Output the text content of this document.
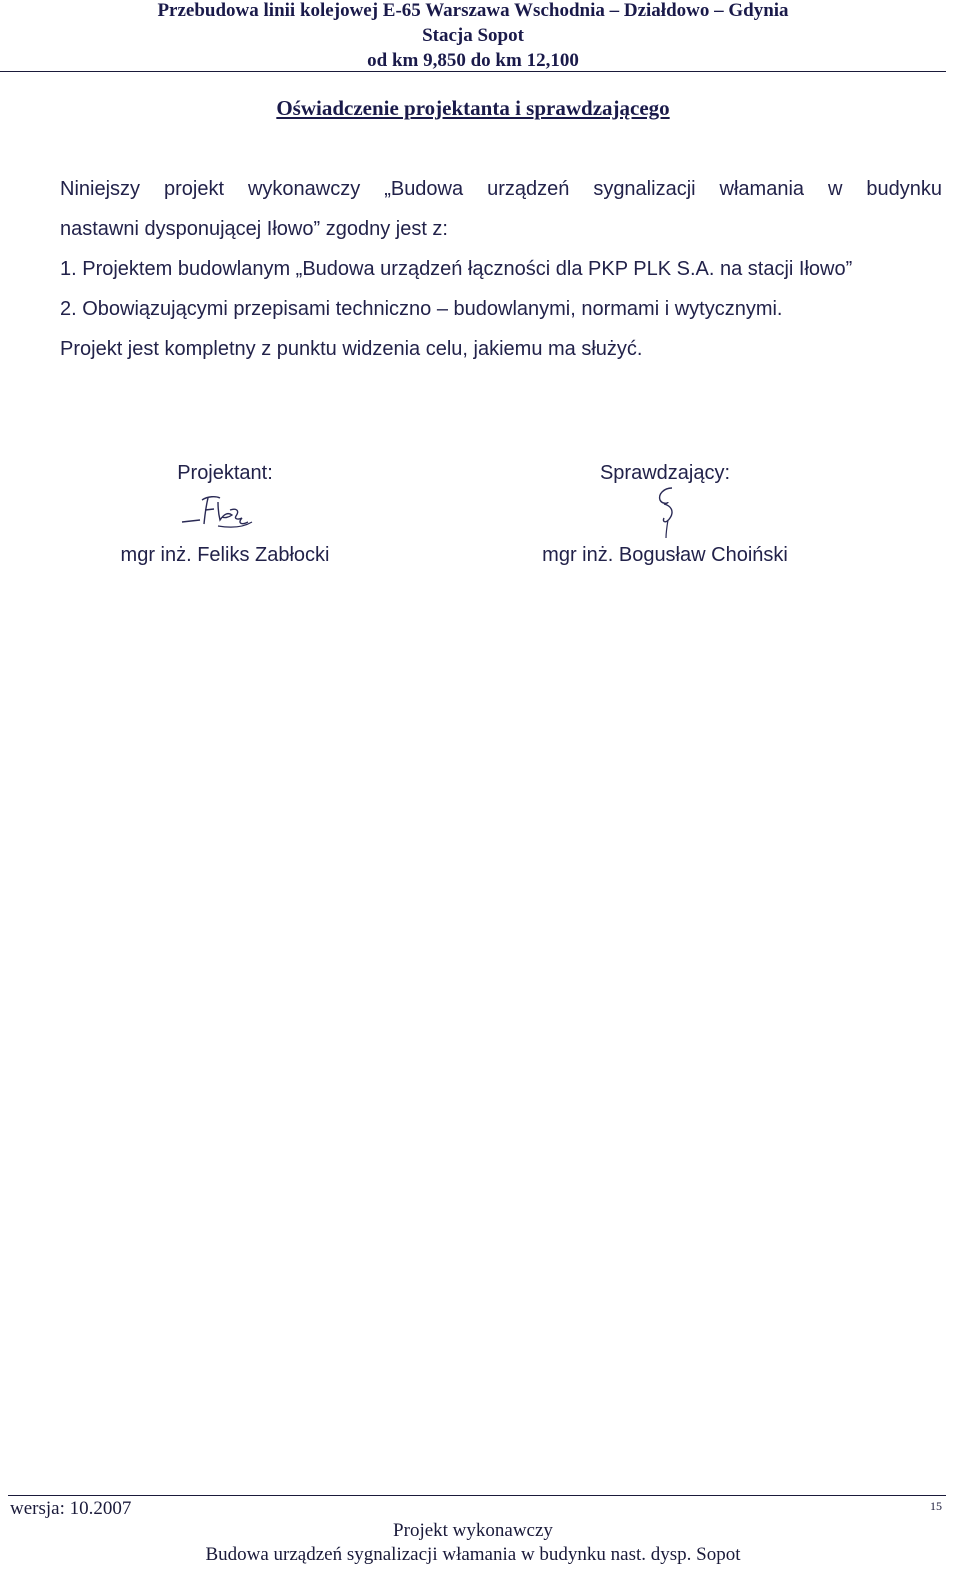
Przebudowa linii kolejowej E-65 Warszawa Wschodnia – Działdowo – Gdynia
Stacja Sopot
od km 9,850 do km 12,100
Oświadczenie projektanta i sprawdzającego
Niniejszy projekt wykonawczy „Budowa urządzeń sygnalizacji włamania w budynku
nastawni dysponującej Iłowo” zgodny jest z:
1. Projektem budowlanym „Budowa urządzeń łączności dla PKP PLK S.A. na stacji Iłowo”
2. Obowiązującymi przepisami techniczno – budowlanymi, normami i wytycznymi.
Projekt jest kompletny z punktu widzenia celu, jakiemu ma służyć.
Projektant:
mgr inż. Feliks Zabłocki
Sprawdzający:
mgr inż. Bogusław Choiński
wersja: 10.2007	15
Projekt wykonawczy
Budowa urządzeń sygnalizacji włamania w budynku nast. dysp. Sopot
